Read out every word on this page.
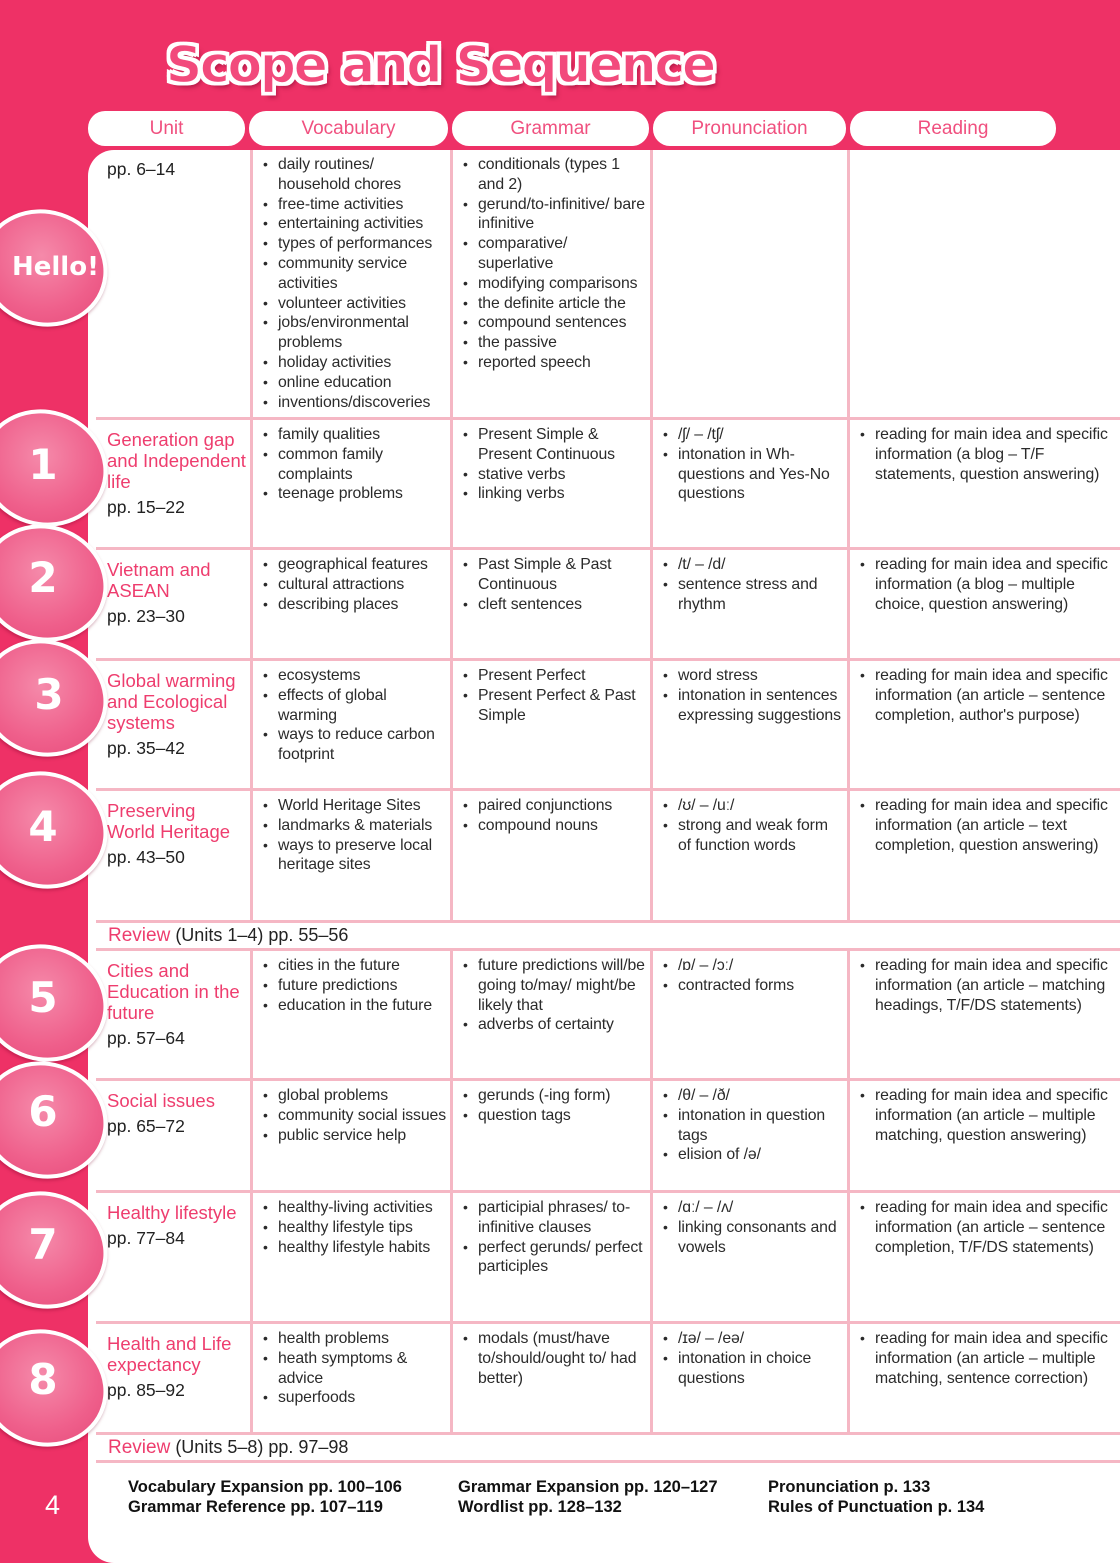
Scope and Sequence
Unit	Vocabulary	Grammar	Pronunciation	Reading
pp. 6–14
•	daily routines/ household chores
• free-time activities
• entertaining activities
• types of performances
• community service activities
• volunteer activities
• jobs/environmental problems
• holiday activities
• online education
• inventions/discoveries
• conditionals (types 1 and 2)
• gerund/to-infinitive/ bare infinitive
• comparative/ superlative
• modifying comparisons
• the definite article the
• compound sentences
• the passive
• reported speech
Generation gap and Independent life
pp. 15–22
• family qualities
• common family complaints
• teenage problems
• Present Simple & Present Continuous
• stative verbs
• linking verbs
• /ʃ/ – /tʃ/
• intonation in Wh-questions and Yes-No questions
• reading for main idea and specific information (a blog – T/F statements, question answering)
Vietnam and ASEAN
pp. 23–30
• geographical features
• cultural attractions
• describing places
• Past Simple & Past Continuous
• cleft sentences
• /t/ – /d/
• sentence stress and rhythm
• reading for main idea and specific information (a blog – multiple choice, question answering)
Global warming and Ecological systems
pp. 35–42
• ecosystems
• effects of global warming
• ways to reduce carbon footprint
• Present Perfect
• Present Perfect & Past Simple
• word stress
• intonation in sentences expressing suggestions
• reading for main idea and specific information (an article – sentence completion, author's purpose)
Preserving World Heritage
pp. 43–50
• World Heritage Sites
• landmarks & materials
• ways to preserve local heritage sites
• paired conjunctions
• compound nouns
• /ʊ/ – /uː/
• strong and weak form of function words
• reading for main idea and specific information (an article – text completion, question answering)
Cities and Education in the future
pp. 57–64
• cities in the future
• future predictions
• education in the future
• future predictions will/be going to/may/ might/be likely that
• adverbs of certainty
• /ɒ/ – /ɔː/
• contracted forms
• reading for main idea and specific information (an article – matching headings, T/F/DS statements)
Social issues
pp. 65–72
• global problems
• community social issues
• public service help
• gerunds (-ing form)
• question tags
• /θ/ – /ð/
• intonation in question tags
• elision of /ə/
• reading for main idea and specific information (an article – multiple matching, question answering)
Healthy lifestyle
pp. 77–84
• healthy-living activities
• healthy lifestyle tips
• healthy lifestyle habits
• participial phrases/ to-infinitive clauses
• perfect gerunds/ perfect participles
• /ɑː/ – /ʌ/
• linking consonants and vowels
• reading for main idea and specific information (an article – sentence completion, T/F/DS statements)
Health and Life expectancy
pp. 85–92
• health problems
• heath symptoms & advice
• superfoods
• modals (must/have to/should/ought to/ had better)
• /ɪə/ – /eə/
• intonation in choice questions
• reading for main idea and specific information (an article – multiple matching, sentence correction)
Review (Units 1–4) pp. 55–56
Review (Units 5–8) pp. 97–98
Hello!
1
2
3
4
5
6
7
8
Vocabulary Expansion pp. 100–106
Grammar Reference pp. 107–119
Grammar Expansion pp. 120–127
Wordlist pp. 128–132
Pronunciation p. 133
Rules of Punctuation p. 134
4
